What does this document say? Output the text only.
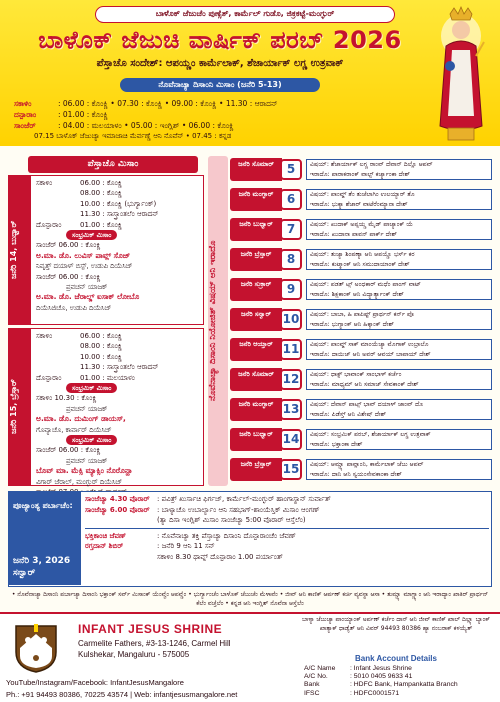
ಬಾಳೊಕ್ ಜೆಜುಚೆಂ ಪುಣ್ಸೆತ್, ಕಾರ್ಮೆಲ್ ಗುಡೊ, ಜಿಕ್ರಕಟ್ಟೆ-ಮಂಗ್ಳುರ್
ಬಾಳೊಕ್ ಜೆಜುಚಿ ವಾರ್ಷಿಕ್ ಪರಬ್ 2026
ಪೆಸ್ತಾಚೊ ಸಂದೇಶ್: ಆಪಯ್ಣಂ ಕಾರ್ಮೆಲಾಕ್, ಶೆಜಾರ್ಯಾಕ್ ಲಗ್ಣ ಉತ್ರವಾಕ್
ನೊವೆನಾಚ್ಯಾ ದಿಸಾಂನಿ ಮಿಸಾಂ (ಜನೆರಿ 5-13)
ಸಕಾಳಿಂ	: 06.00 : ಕೊಂಕ್ಣಿ • 07.30 : ಕೊಂಕ್ಣಿ • 09.00 : ಕೊಂಕ್ಣಿ • 11.30 : ಆರಾದನ್
ದನ್ಪಾರಾಂ	: 01.00 : ಕೊಂಕ್ಣಿ
ಸಾಂಜೆರ್	: 04.00 : ಮಲಯಾಳಂ • 05.00 : ಇಂಗ್ಲಿಶ್ • 06.00 : ಕೊಂಕ್ಣಿ
07.15 ಬಾಳೊಕ್ ಜೆಜುಚ್ಯಾ ಇಮಾಜಾಚಿ ಮೆರ್ವಣ್ಣೆ ಆನಿ ನೊವೆನ್ • 07.45 : ಕನ್ನಡ
ಪೆಸ್ತಾಚೊ ಮಿಸಾಂ
ಜನೆರಿ 14, ಬುಧ್ವಾರ್
ಸಕಾಳಿಂ	06.00 : ಕೊಂಕ್ಣಿ
08.00 : ಕೊಂಕ್ಣಿ
10.00 : ಕೊಂಕ್ಣಿ (ಭುರ್ಗ್ಯಾಂಕ್)
11.30 : ಸಾಸ್ತ್ರಾಂತಲೆಂ ಆರಾದನ್
ದೊನ್ಪಾರಾಂ	01.00 : ಕೊಂಕ್ಣಿ
ಸಂಭ್ರಮಿಕ್ ಮಿಸಾಂ
ಸಾಂಜೆರ್ 06.00 : ಕೊಂಕ್ಣಿ
ಅ.ಮಾ. ಡೊ. ಲುವಿಸ್ ಪಾವ್ಲ್ ಸೊಜ್
ನಿವೃತ್ತ್ ದಯಾಳ್ ಬಿಸ್ಪ್, ಉಡುಪಿ ದಿಯೆಸಿಜ್
ಸಾಂಜೆರ್ 06.00 : ಕೊಂಕ್ಣಿ
ಪ್ರವಚನ್ ಯಾಜಕ್
ಅ.ಮಾ. ಡೊ. ಜೆರಾಲ್ಡ್ ಐಸಾಕ್ ಲೋಬೊ
ದಿಯೆಸಿಜಿಚೊ, ಉಡುಪಿ ದಿಯೆಸಿಜ್
ಜನೆರಿ 15, ಬ್ರೆಸ್ತಾರ್
ಸಕಾಳಿಂ	06.00 : ಕೊಂಕ್ಣಿ
08.00 : ಕೊಂಕ್ಣಿ
10.00 : ಕೊಂಕ್ಣಿ
11.30 : ಸಾಸ್ತ್ರಾಂತಲೆಂ ಆರಾದನ್
ದೊನ್ಪಾರಾಂ	01.00 : ಮಲಯಾಳಂ
ಸಂಭ್ರಮಿಕ್ ಮಿಸಾಂ
ಸಕಾಳಿಂ 10.30 : ಕೊಂಕ್ಣಿ
ಪ್ರವಚನ್ ಯಾಜಕ್
ಅ.ಮಾ. ಡೊ. ದುಮಿಂಗ್ ಡಾಯಸ್,
ಗೊವ್ಯಾಚೊ, ಕಾರ್ವಾರ್ ದಿಯೆಸಿಜ್
ಸಂಭ್ರಮಿಕ್ ಮಿಸಾಂ
ಸಾಂಜೆರ್ 06.00 : ಕೊಂಕ್ಣಿ
ಪ್ರವಚನ್ ಯಾಜಕ್
ಬೊವ್ ಮಾ. ಮೆಕ್ಸಿ ಮ್ಯಾಕ್ಸಿಂ ನೊರೊನ್ಹಾ
ವಿಗಾರ್ ಜೆರಾಲ್, ಮಂಗ್ಳುರ್ ದಿಯೆಸಿಜ್
ನೊವೆನಾಚ್ಯಾ ದಿಸಾಂನಿ ನಿಯೋಜಿತ್ ವಿಷಯ್ ಆನಿ ಇರಾದೊ
ಜನೆರಿ ಸೊಮಾರ್	5	ವಿಷಯ್: ಶೆಜಾರ್ಯಾಕ್ ಲಗ್ಣ ರಾಂವ್ ದೆವಾನ್ ದಿಲ್ಲೊ ಆಪವ್
ಇರಾದೊ: ಪಾರಾಕರಾಂಕ್ ವಾಲ್ಟ್ ಕರ್ಚ್ಯಾಂಕಾ ದೇಶ್
ಜನೆರಿ ಮಂಗ್ಳಾರ್	6	ವಿಷಯ್: ಪಾಂವ್ಡ್ ತೆಂ ತುಜೆಲಾಗಿಂ ಉಲಯ್ಯಾರ್ ತೊ
ಇರಾದೊ: ಭುಕ್ಯಾ ಶೆಜಾರ್ ವಾಟೆರೆಂಮ್ಯಾನಾ ದೇಶ್
ಜನೆರಿ ಬುಧ್ವಾರ್	7	ವಿಷಯ್: ಖುದಾಕ್ ಅಪ್ಪಯ್ಣ ಮೈಡ್ ಪಾಚ್ಯಾಂಕ್ ಯೆ
ಇರಾದೊ: ಖುದಾನಾ ಪಾವನ್ ಪಾರ್ಕ್ ದೇಶ್
ಜನೆರಿ ಬ್ರೆಸ್ತಾರ್	8	ವಿಷಯ್: ತುಜ್ಯಾ ಶಿಂಪಣ್ಯಾ ಆನಿ ಆಪಯ್ಣೊ ಭರ್ಸ್ ಕರ
ಇರಾದೊ: ಕುಟ್ಮಾಂಕ್ ಆನಿ ಸಮುದಾಯಾಂಕ್ ದೇಶ್
ಜನೆರಿ ಸುಕ್ರಾರ್	9	ವಿಷಯ್: ಪಡತ್ ಟ್ಸ್ ಅಂಧಕಾರ್ ಮಧೆಂ ಪಾಂಗ್ ವಾಟ್
ಇರಾದೊ: ಶಿಕ್ಷಕಾಂಕ್ ಆನಿ ವಿದ್ಯಾರ್ತ್ಯಾಂಕ್ ದೇಶ್
ಜನೆರಿ ಸನ್ವಾರ್ 10	ವಿಷಯ್: ಬಾಬಾ, ಹಿ ಪಾಪಿಷ್ಟ್ ಪ್ರಾರ್ಥನ್ ಕರ್ನ್ ಪೊ
ಇರಾದೊ: ಭುಗ್ಯಾಂಕ್ ಆನಿ ಹಿಕ್ಕಾಂಕ್ ದೇಶ್
ಜನೆರಿ ಆಯ್ತಾರ್ 11	ವಿಷಯ್: ಪಾಂವ್ಡ್ ಸಾಕ್ ಮಾಂಯೆಚ್ಯಾ ಮೊಗಾಕ್ ಉಬ್ರಾಲೊ
ಇರಾದೊ: ದಾಯಿಜ್ ಆನಿ ಅವರ್ ಆವಯ್ ಬಾಪಾಯ್ ದೇಶ್
ಜನೆರಿ ಸೊಮಾರ್ 12	ವಿಷಯ್: ಧಾಕ್ಟ್ ಭಾವಾಂಕ್ ಸಾಂಭಾಳ್ ಕರ್ಚೆಂ
ಇರಾದೊ: ಮಾಧ್ಯಮ್ ಆನಿ ಸಮಾಜ್ ಸೇವಕಾಂಕ್ ದೇಶ್
ಜನೆರಿ ಮಂಗ್ಳಾರ್ 13	ವಿಷಯ್: ದೆವಾನ್ ಪಾಟ್ಸ್ ಭಾವ್ ದಯಾಳ್ ಜಾಂವ್ ದೊ
ಇರಾದೊ: ಪಿಡೆಸ್ತ್ ಆನಿ ವಿಶೇಷ್ ದೇಶ್
ಜನೆರಿ ಬುಧ್ವಾರ್ 14	ವಿಷಯ್: ಸಂಭ್ರಮಿಕ್ ಪರಬ್, ಶೆಜಾರ್ಯಾಕ್ ಲಗ್ಣ ಉತ್ರವಾಕ್
ಇರಾದೊ: ಭಕ್ತಾಂಕಾ ದೇಶ್
ಜನೆರಿ ಬ್ರೆಸ್ತಾರ್ 15	ವಿಷಯ್: ಆಮ್ಚ್ಯಾ ಪಾವ್ಲಾಂನಿ, ಕಾರ್ಮೆಲಾಕ್ ಜೆಜು ಆಪವ್
ಇರಾದೊ: ದಾನಿ ಆನಿ ಸ್ವಯಂಸೇವಕಾಂಕಾ ದೇಶ್
ಪೂಜ್ಯಾಂತ್ಯ ಪರ್ಬಾಚೆಂ:
ಜನೆರಿ 3, 2026 ಸನ್ವಾರ್
ಸಾಂಜೆಚ್ಯಾ 4.30 ವೊರಾರ್ : ಪವಿತ್ರ್ ಖುರ್ಸಾಚಿ ಫಿರ್ಗಜ್, ಕಾರ್ಮೆಲ್-ಮಂಗ್ಳುರ್ ಹಾಂಗಾಸ್ಥಾನ್ ಸುರ್ವಾತ್
ಸಾಂಜೆಚ್ಯಾ 6.00 ವೊರಾರ್ : ಬಾಳ್ಯಾಚೊ ಉಬಾರ್ಲ್ಯಾಂ ಆನಿ ಸಹಭಾಗ್-ಶಾಂಯೆಸ್ತಿಕ್ ಮಿಸಾಂ ಆಂಗಣ್
(ತ್ಯಾ ದಿಸಾ ಇಂಗ್ಲಿಶ್ ಮಿಸಾಂ ಸಾಂಜೆಚ್ಯಾ 5:00 ವೊರಾರ್ ಆಸ್ತೆಲೆಂ)
ಭಕ್ತಿಕಾಂಚಿ ಜೆವಣ್	: ನೊವೆನಾಚ್ಯಾ ತಕ್ತಿ ಪೆಸ್ತಾಚ್ಯಾ ದಿಸಾಂನಿ ದೊನ್ಪಾರಾಂಚೆಂ ಜೆವಣ್
ರಗ್ತದಾನ್ ಶಿಬಿರ್	: ಜನೆರಿ 9 ಆನಿ 11 ಸನ್
ಸಕಾಳಿಂ 8.30 ಥಾವ್ನ್ ದೊನ್ಪಾರಾಂ 1.00 ಪರ್ಯಾಂತ್
• ನೊವೆನಾಚ್ಯಾ ದಿಸಾಂನಿ ಪರ್ಬಾಚ್ಯಾ ದಿಸಾಂನಿ ಭಕ್ತಾಂಕ್ ಸರ್ವ್ ಮಿಸಾಂಕ್ ಯೆಂವ್ಚೆಂ ಆಪವ್ಣೆಂ • ಭುರ್ಗ್ಯಾಂಚೆಂ ಬಾಳೊಕ್ ಜೆಜುಚೆಂ ಮೆಳಾವೆಂ • ಜೀವ್ ಆನಿ ಕಾಣಿಕ್ ಆರ್ಪಣ್ ಕರ್ಚಿ ವ್ಯವಸ್ಥಾ ಆಸಾ • ತುಮ್ಚ್ಯಾ ಮಾಗ್ಣ್ಯಾಂ ಆನಿ ಇರಾದ್ಯಾಂ ಖಾತಿರ್ ಪ್ರಾರ್ಥನ್ ಕೆಲೆಂ ವಚ್ತೆಲೆಂ • ಕನ್ನಡ ಆನಿ ಇಂಗ್ಲಿಶ್ ನೊವೆನಾ ಆಸ್ತೆಲೆಂ
INFANT JESUS SHRINE
Carmelite Fathers, #3-13-1246, Carmel Hill
Kulshekar, Mangaluru - 575005
YouTube/Instagram/Facebook: InfantJesusMangalore
Ph.: +91 94493 80386, 70225 43574 | Web: infantjesusmangalore.net
ಬಾಳ್ಯಾ ಜೆಜುಚ್ಯಾ ಪಾಂಯ್ಯಾಂಕ್ ಅರ್ಪಣ್ ಕರ್ಚೆಂ ದಾನ್ ಆನಿ ಜೀವ್ ಕಾಣಿಕ್ ಖಾಲ್ ದಿಲ್ಲ್ಯಾ ಬ್ಯಾಂಕ್ ಖಾತ್ಯಾಕ್ ಧಾಡ್ಯೆತ್ ಆನಿ ವಿವರ್ 94493 80386 ಹ್ಯಾ ನಂಬರಾಕ್ ಕಳಯ್ಯೆತ್
Bank Account Details
A/C Name	: Infant Jesus Shrine
A/C No.	: 5010 0405 9633 41
Bank	: HDFC Bank, Hampankatta Branch
IFSC	: HDFC0001571
